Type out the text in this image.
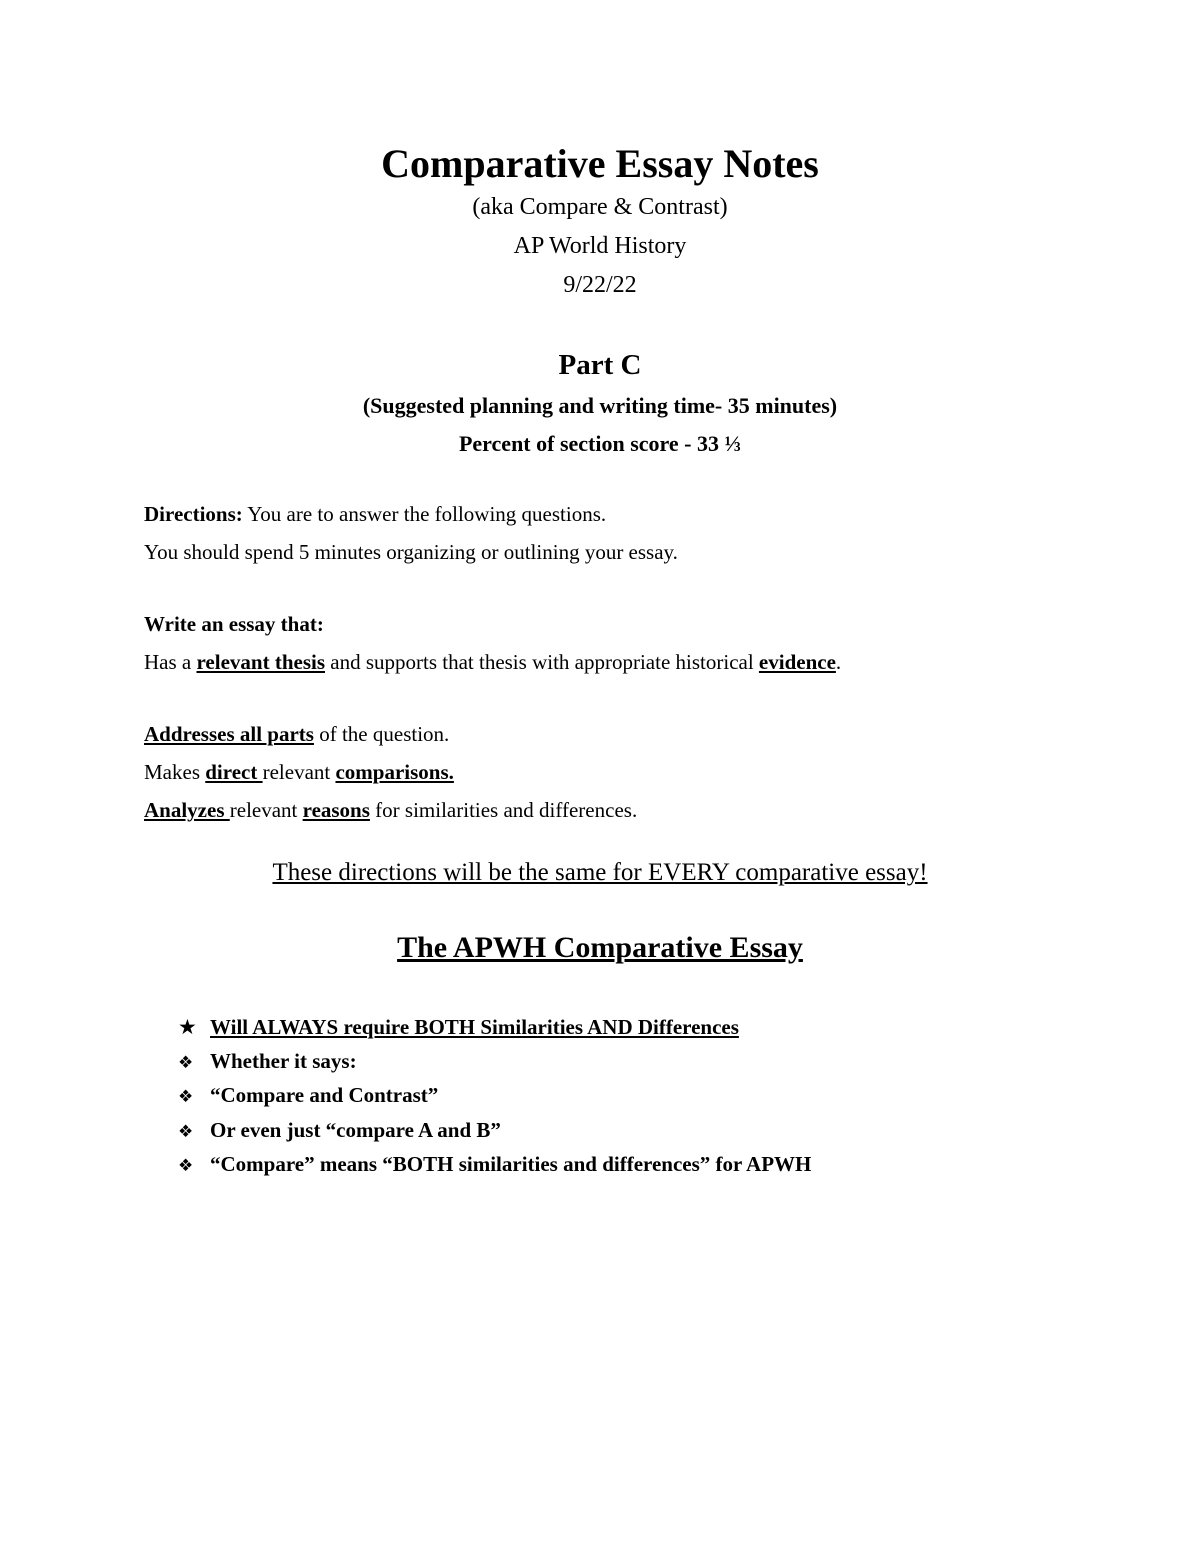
Comparative Essay Notes

(aka Compare & Contrast)

AP World History

9/22/22

Part C

(Suggested planning and writing time- 35 minutes)

Percent of section score - 33 ⅓

Directions: You are to answer the following questions.

You should spend 5 minutes organizing or outlining your essay.

Write an essay that:

Has a relevant thesis and supports that thesis with appropriate historical evidence.

Addresses all parts of the question.

Makes direct relevant comparisons.

Analyzes relevant reasons for similarities and differences.

These directions will be the same for EVERY comparative essay!

The APWH Comparative Essay
★ Will ALWAYS require BOTH Similarities AND Differences
❖ Whether it says:
❖ “Compare and Contrast”
❖ Or even just “compare A and B”
❖ “Compare” means “BOTH similarities and differences” for APWH
